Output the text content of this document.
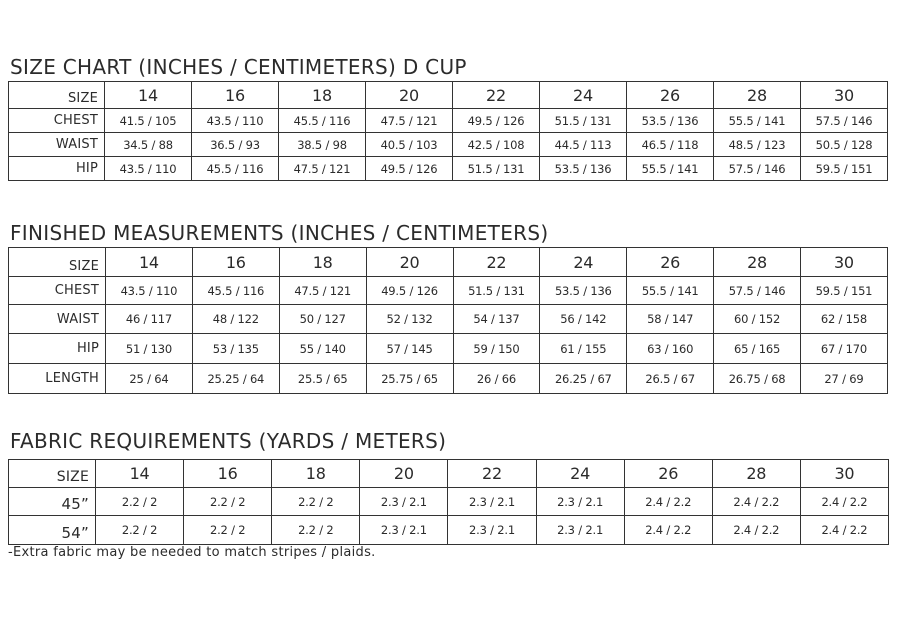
SIZE CHART (INCHES / CENTIMETERS) D CUP
SIZE	14	16	18	20	22	24	26	28	30
CHEST	41.5 / 105	43.5 / 110	45.5 / 116	47.5 / 121	49.5 / 126	51.5 / 131	53.5 / 136	55.5 / 141	57.5 / 146
WAIST	34.5 / 88	36.5 / 93	38.5 / 98	40.5 / 103	42.5 / 108	44.5 / 113	46.5 / 118	48.5 / 123	50.5 / 128
HIP	43.5 / 110	45.5 / 116	47.5 / 121	49.5 / 126	51.5 / 131	53.5 / 136	55.5 / 141	57.5 / 146	59.5 / 151
FINISHED MEASUREMENTS (INCHES / CENTIMETERS)
SIZE	14	16	18	20	22	24	26	28	30
CHEST	43.5 / 110	45.5 / 116	47.5 / 121	49.5 / 126	51.5 / 131	53.5 / 136	55.5 / 141	57.5 / 146	59.5 / 151
WAIST	46 / 117	48 / 122	50 / 127	52 / 132	54 / 137	56 / 142	58 / 147	60 / 152	62 / 158
HIP	51 / 130	53 / 135	55 / 140	57 / 145	59 / 150	61 / 155	63 / 160	65 / 165	67 / 170
LENGTH	25 / 64	25.25 / 64	25.5 / 65	25.75 / 65	26 / 66	26.25 / 67	26.5 / 67	26.75 / 68	27 / 69
FABRIC REQUIREMENTS (YARDS / METERS)
SIZE	14	16	18	20	22	24	26	28	30
45”	2.2 / 2	2.2 / 2	2.2 / 2	2.3 / 2.1	2.3 / 2.1	2.3 / 2.1	2.4 / 2.2	2.4 / 2.2	2.4 / 2.2
54”	2.2 / 2	2.2 / 2	2.2 / 2	2.3 / 2.1	2.3 / 2.1	2.3 / 2.1	2.4 / 2.2	2.4 / 2.2	2.4 / 2.2
-Extra fabric may be needed to match stripes / plaids.
